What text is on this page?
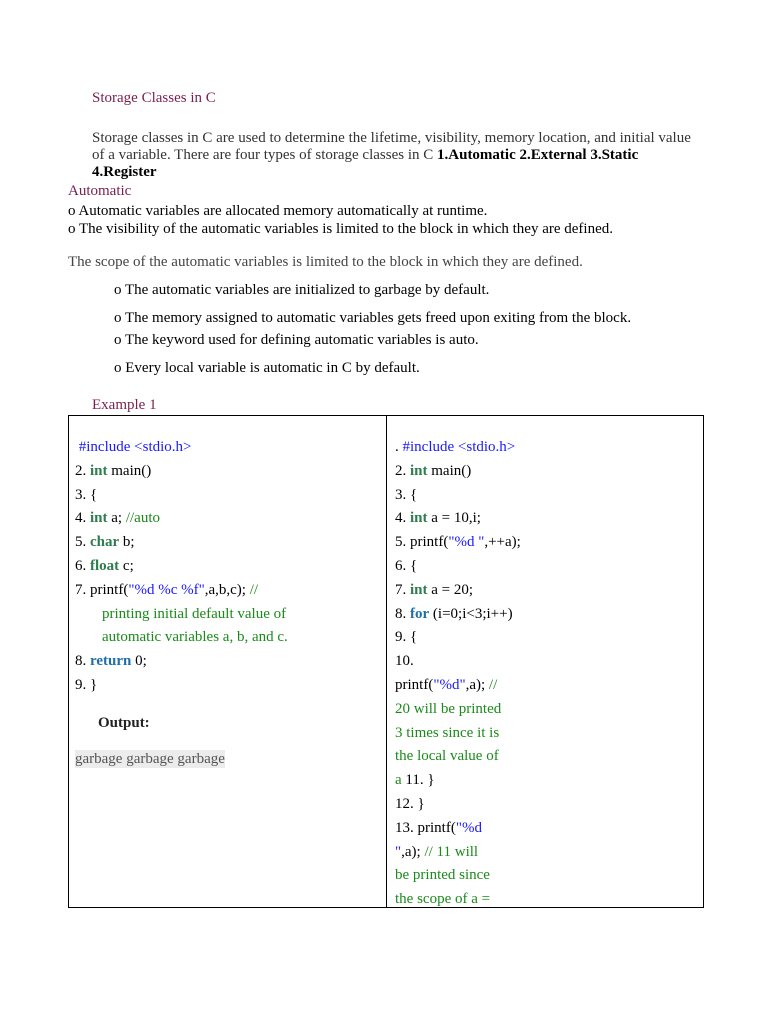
Storage Classes in C
Storage classes in C are used to determine the lifetime, visibility, memory location, and initial value of a variable. There are four types of storage classes in C 1.Automatic 2.External 3.Static 4.Register
Automatic
o Automatic variables are allocated memory automatically at runtime.
o The visibility of the automatic variables is limited to the block in which they are defined.
The scope of the automatic variables is limited to the block in which they are defined.
o The automatic variables are initialized to garbage by default.
o The memory assigned to automatic variables gets freed upon exiting from the block.
o The keyword used for defining automatic variables is auto.
o Every local variable is automatic in C by default.
Example 1
#include <stdio.h>
2. int main()
3. {
4. int a; //auto
5. char b;
6. float c;
7. printf("%d %c %f",a,b,c); //
printing initial default value of
automatic variables a, b, and c.
8. return 0;
9. }
Output:
garbage garbage garbage
. #include <stdio.h>
2. int main()
3. {
4. int a = 10,i;
5. printf("%d ",++a);
6. {
7. int a = 20;
8. for (i=0;i<3;i++)
9. {
10.
printf("%d",a); //
20 will be printed
3 times since it is
the local value of
a 11. }
12. }
13. printf("%d
",a); // 11 will
be printed since
the scope of a =
